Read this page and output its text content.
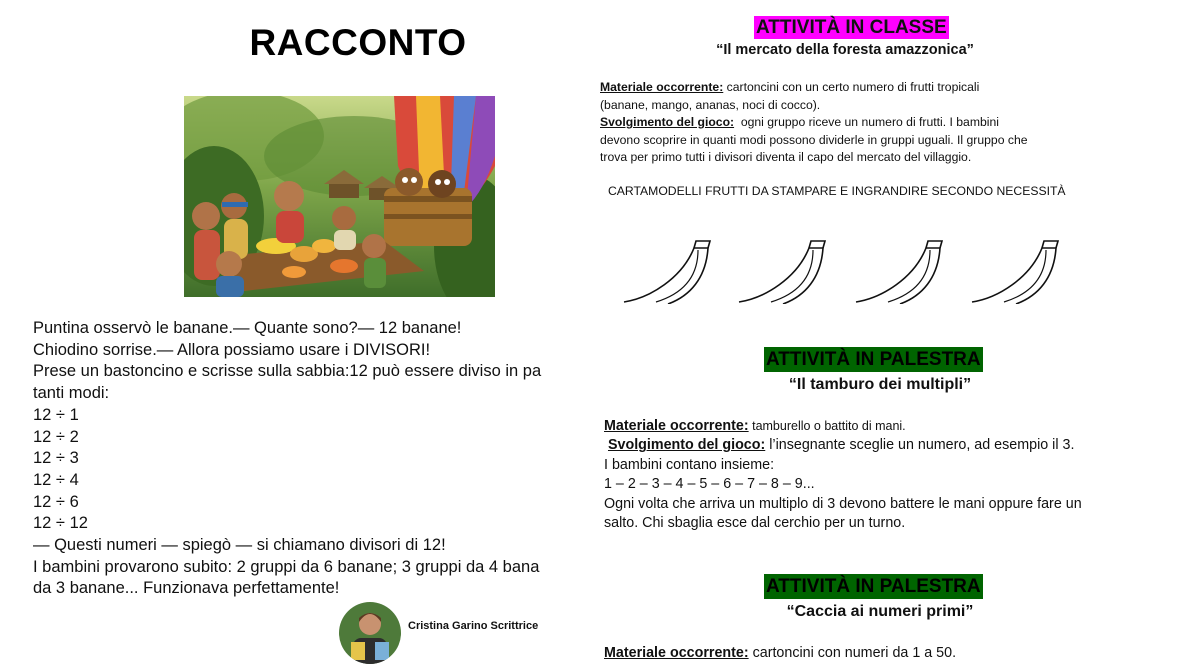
RACCONTO
Puntina osservò le banane.— Quante sono?— 12 banane!
Chiodino sorrise.— Allora possiamo usare i DIVISORI!
Prese un bastoncino e scrisse sulla sabbia:12 può essere diviso in pa
tanti modi:
12 ÷ 1
12 ÷ 2
12 ÷ 3
12 ÷ 4
12 ÷ 6
12 ÷ 12
— Questi numeri — spiegò — si chiamano divisori di 12!
I bambini provarono subito: 2 gruppi da 6 banane; 3 gruppi da 4 bana
da 3 banane... Funzionava perfettamente!
Cristina Garino Scrittrice
ATTIVITÀ IN CLASSE
“Il mercato della foresta amazzonica”
Materiale occorrente: cartoncini con un certo numero di frutti tropicali
(banane, mango, ananas, noci di cocco).
Svolgimento del gioco:  ogni gruppo riceve un numero di frutti. I bambini
devono scoprire in quanti modi possono dividerle in gruppi uguali. Il gruppo che
trova per primo tutti i divisori diventa il capo del mercato del villaggio.
CARTAMODELLI FRUTTI DA STAMPARE E INGRANDIRE SECONDO NECESSITÀ
ATTIVITÀ IN PALESTRA
“Il tamburo dei multipli”
Materiale occorrente: tamburello o battito di mani.
Svolgimento del gioco: l’insegnante sceglie un numero, ad esempio il 3.
I bambini contano insieme:
1 – 2 – 3 – 4 – 5 – 6 – 7 – 8 – 9...
Ogni volta che arriva un multiplo di 3 devono battere le mani oppure fare un
salto. Chi sbaglia esce dal cerchio per un turno.
ATTIVITÀ IN PALESTRA
“Caccia ai numeri primi”
Materiale occorrente: cartoncini con numeri da 1 a 50.
